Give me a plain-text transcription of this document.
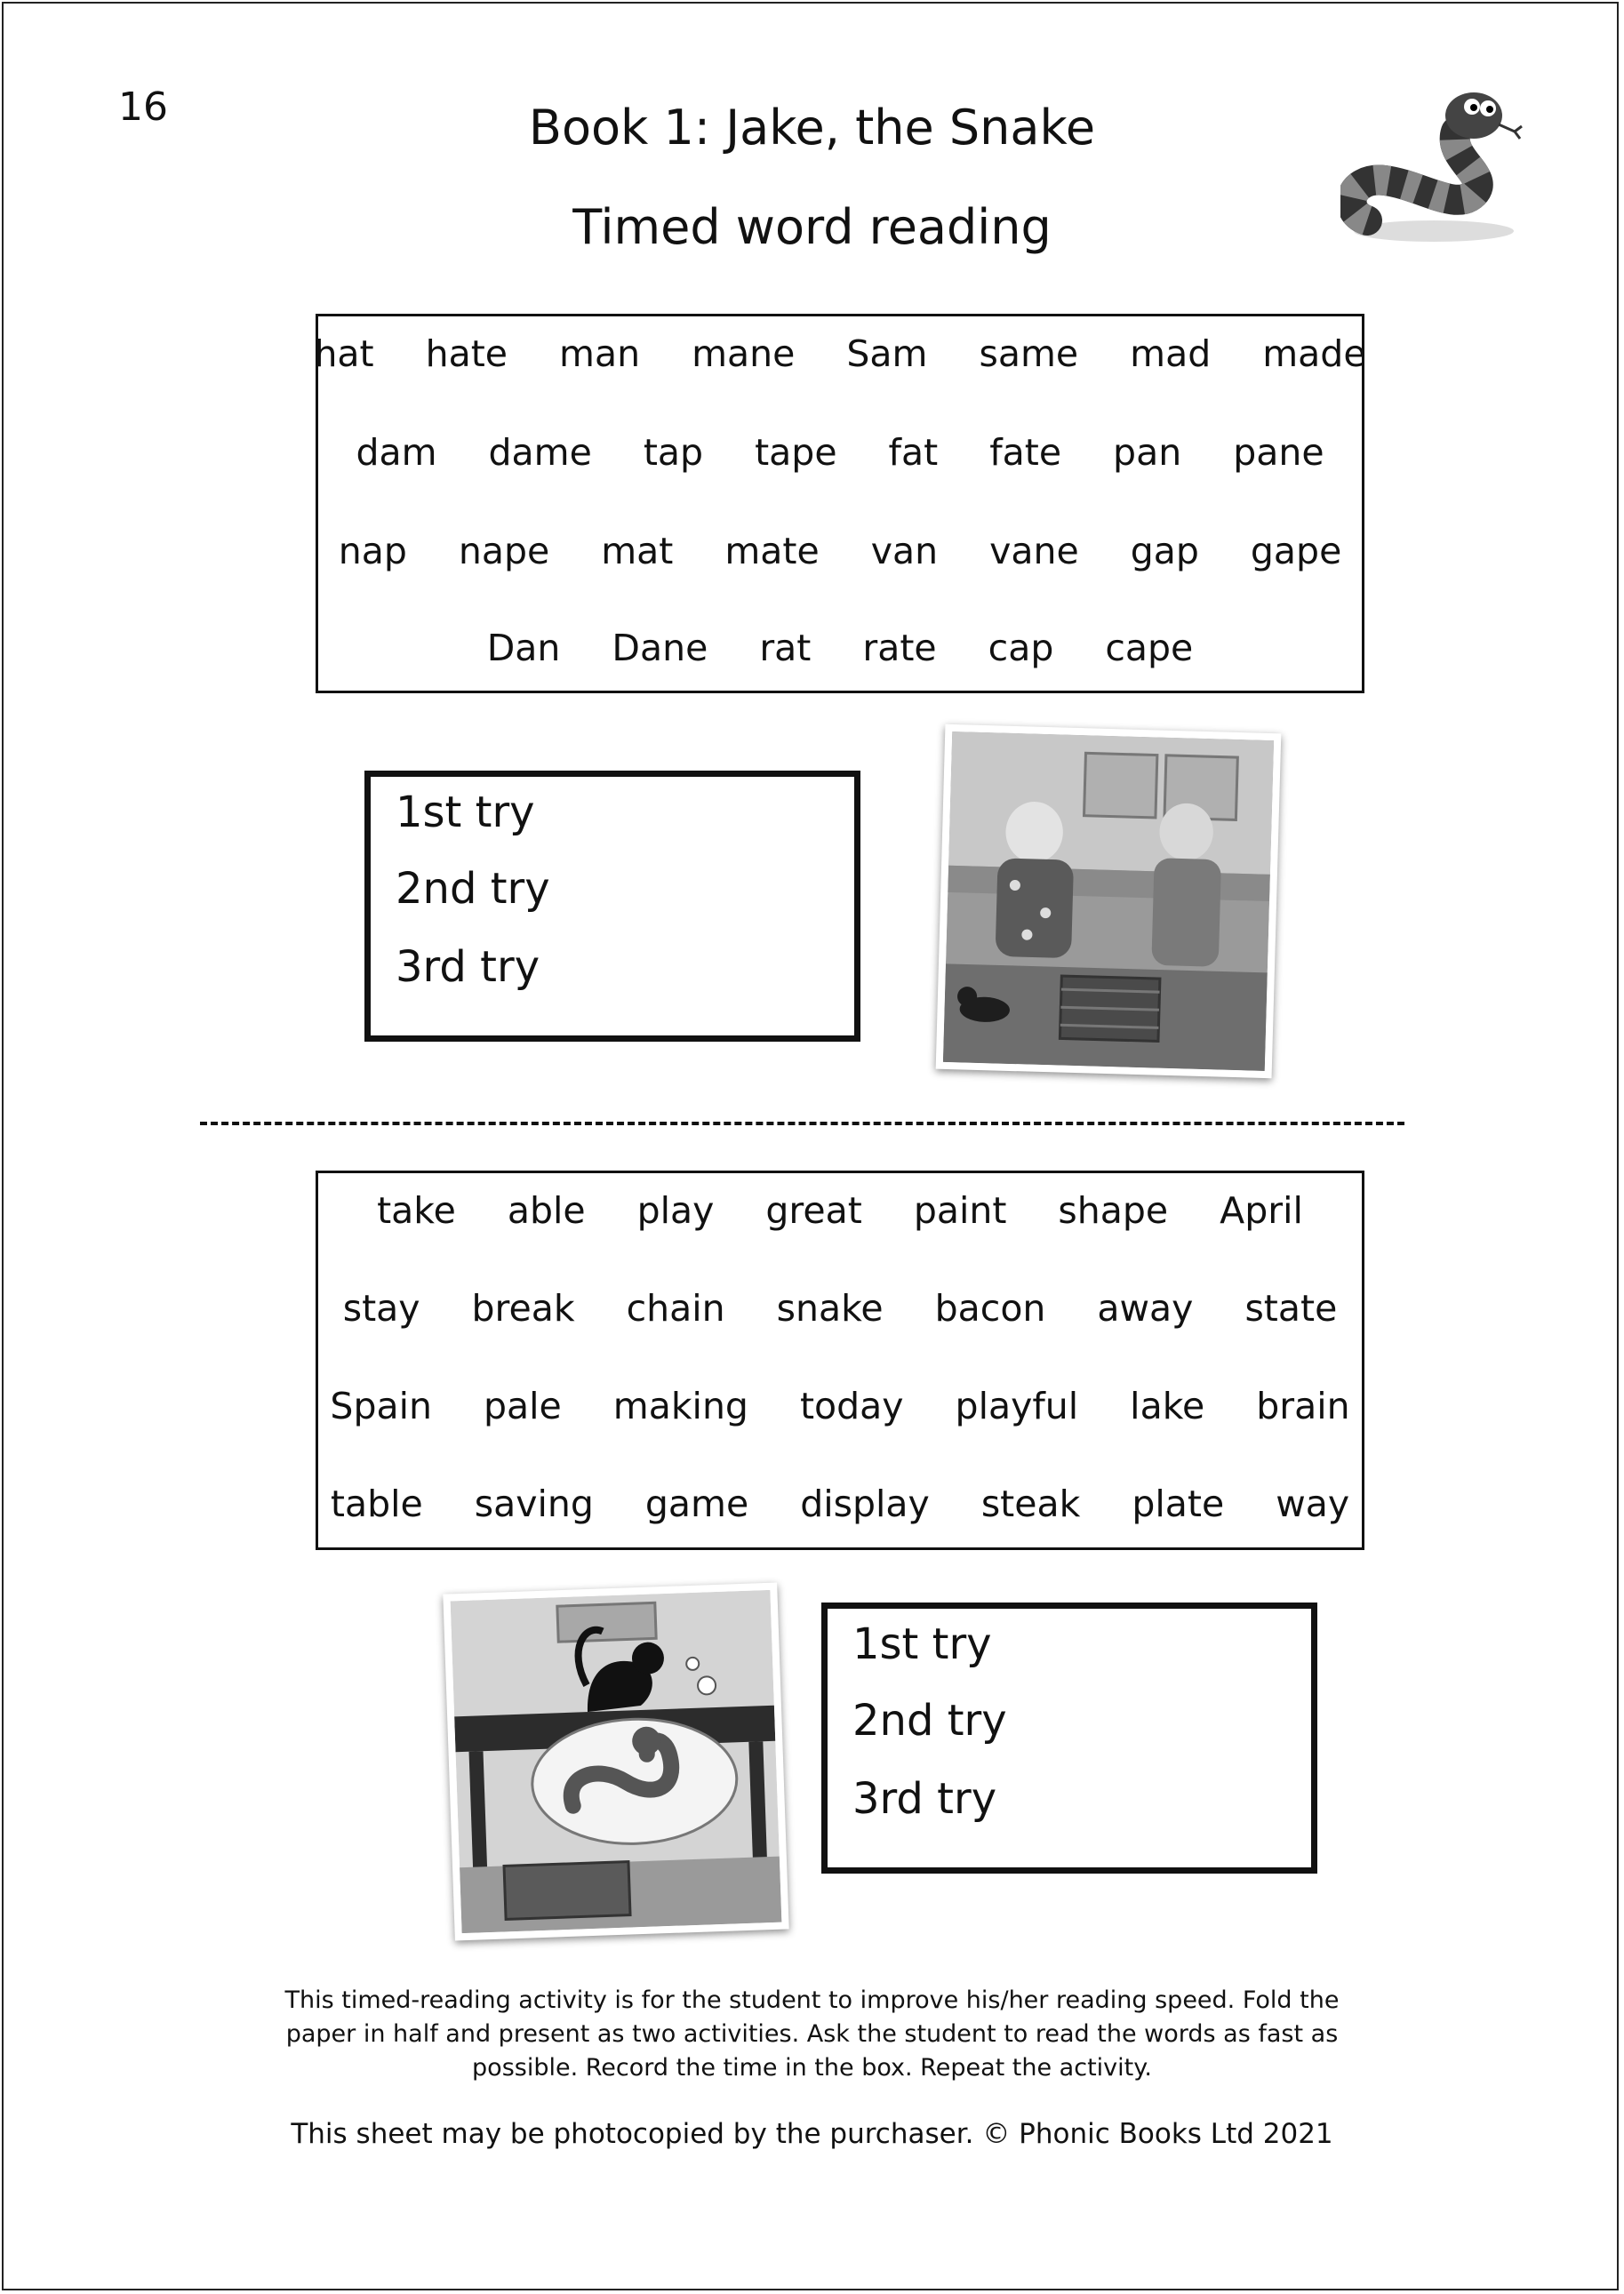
16	Book 1: Jake, the Snake
Timed word reading
hat hate man mane Sam same mad made
dam dame tap tape fat fate pan pane
nap nape mat mate van vane gap gape
Dan Dane rat rate cap cape
1st try
2nd try
3rd try
take able play great paint shape April
stay break chain snake bacon away state
Spain pale making today playful lake brain
table saving game display steak plate way
1st try
2nd try
3rd try
This timed-reading activity is for the student to improve his/her reading speed. Fold the paper in half and present as two activities. Ask the student to read the words as fast as possible. Record the time in the box. Repeat the activity.
This sheet may be photocopied by the purchaser. © Phonic Books Ltd 2021
